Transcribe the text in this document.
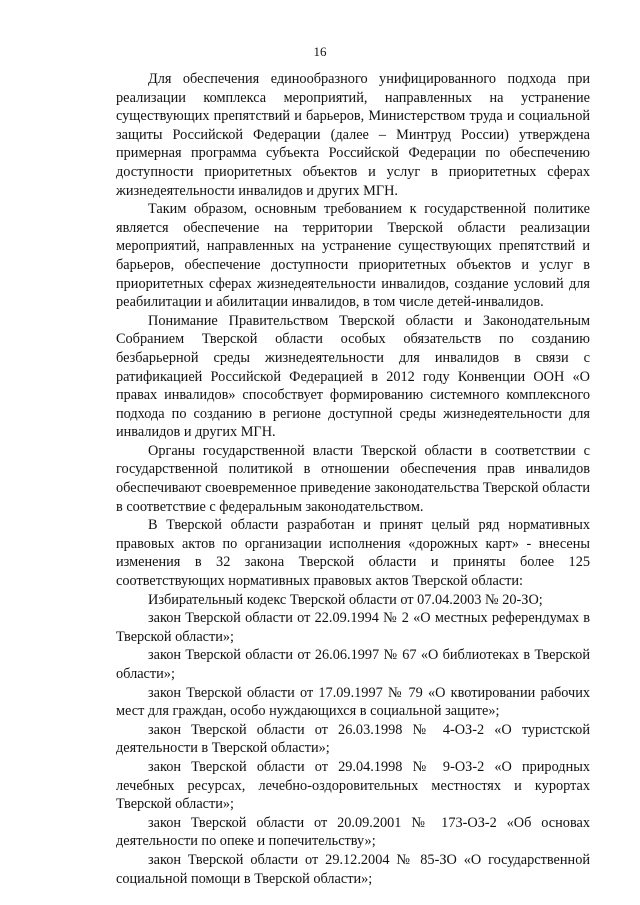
16

Для обеспечения единообразного унифицированного подхода при реализации комплекса мероприятий, направленных на устранение существующих препятствий и барьеров, Министерством труда и социальной защиты Российской Федерации (далее – Минтруд России) утверждена примерная программа субъекта Российской Федерации по обеспечению доступности приоритетных объектов и услуг в приоритетных сферах жизнедеятельности инвалидов и других МГН.

Таким образом, основным требованием к государственной политике является обеспечение на территории Тверской области реализации мероприятий, направленных на устранение существующих препятствий и барьеров, обеспечение доступности приоритетных объектов и услуг в приоритетных сферах жизнедеятельности инвалидов, создание условий для реабилитации и абилитации инвалидов, в том числе детей-инвалидов.

Понимание Правительством Тверской области и Законодательным Собранием Тверской области особых обязательств по созданию безбарьерной среды жизнедеятельности для инвалидов в связи с ратификацией Российской Федерацией в 2012 году Конвенции ООН «О правах инвалидов» способствует формированию системного комплексного подхода по созданию в регионе доступной среды жизнедеятельности для инвалидов и других МГН.

Органы государственной власти Тверской области в соответствии с государственной политикой в отношении обеспечения прав инвалидов обеспечивают своевременное приведение законодательства Тверской области в соответствие с федеральным законодательством.

В Тверской области разработан и принят целый ряд нормативных правовых актов по организации исполнения «дорожных карт» - внесены изменения в 32 закона Тверской области и приняты более 125 соответствующих нормативных правовых актов Тверской области:

Избирательный кодекс Тверской области от 07.04.2003 № 20-ЗО;

закон Тверской области от 22.09.1994 № 2 «О местных референдумах в Тверской области»;

закон Тверской области от 26.06.1997 № 67 «О библиотеках в Тверской области»;

закон Тверской области от 17.09.1997 № 79 «О квотировании рабочих мест для граждан, особо нуждающихся в социальной защите»;

закон Тверской области от 26.03.1998 № 4-ОЗ-2 «О туристской деятельности в Тверской области»;

закон Тверской области от 29.04.1998 № 9-ОЗ-2 «О природных лечебных ресурсах, лечебно-оздоровительных местностях и курортах Тверской области»;

закон Тверской области от 20.09.2001 № 173-ОЗ-2 «Об основах деятельности по опеке и попечительству»;

закон Тверской области от 29.12.2004 № 85-ЗО «О государственной социальной помощи в Тверской области»;
